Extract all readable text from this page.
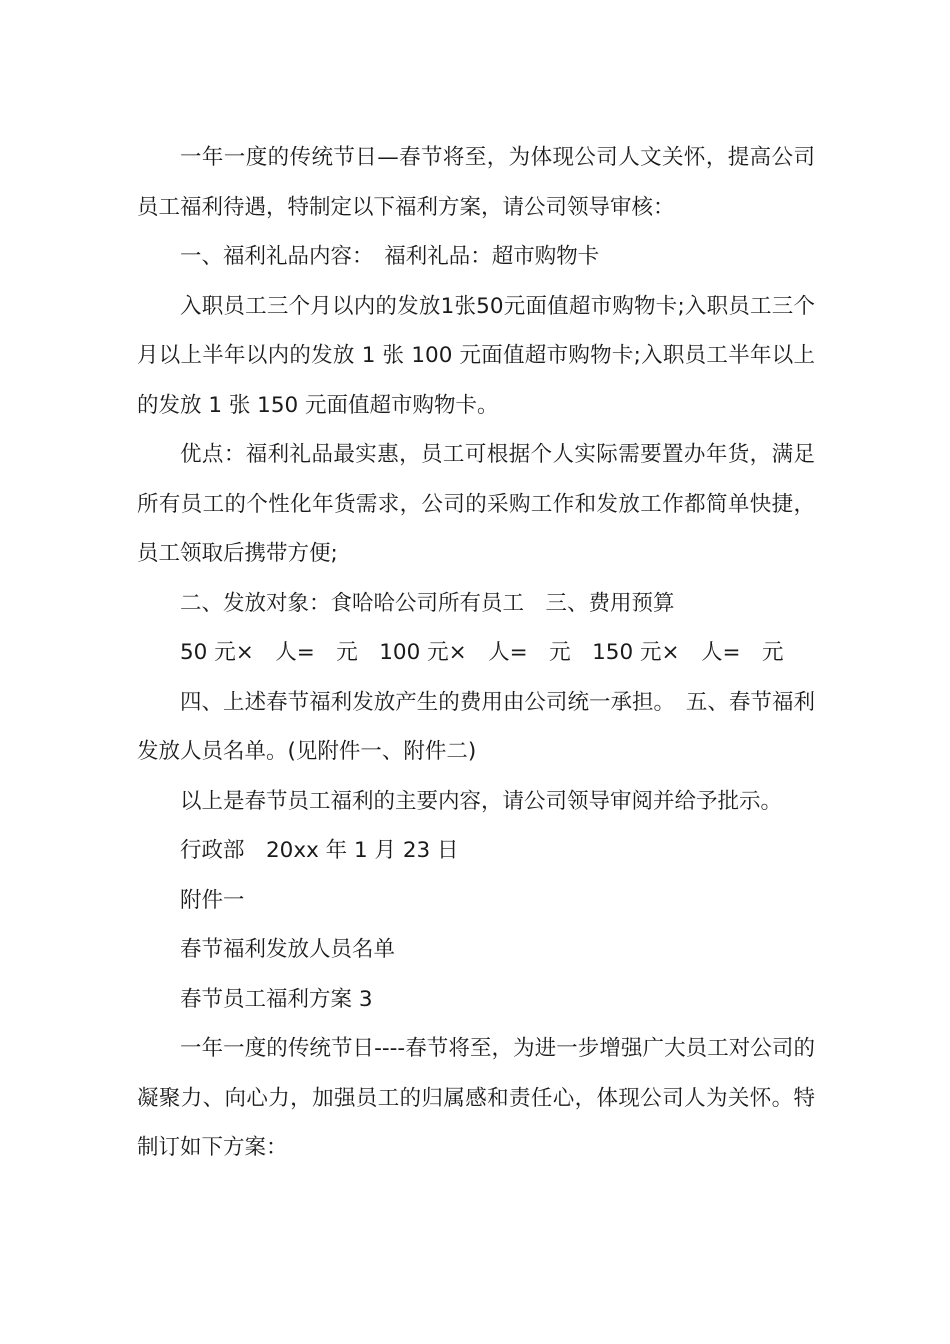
一年一度的传统节日—春节将至，为体现公司人文关怀，提高公司员工福利待遇，特制定以下福利方案，请公司领导审核：

一、福利礼品内容：　福利礼品：超市购物卡

入职员工三个月以内的发放1张50元面值超市购物卡;入职员工三个月以上半年以内的发放 1 张 100 元面值超市购物卡;入职员工半年以上的发放 1 张 150 元面值超市购物卡。

优点：福利礼品最实惠，员工可根据个人实际需要置办年货，满足所有员工的个性化年货需求，公司的采购工作和发放工作都简单快捷，员工领取后携带方便;

二、发放对象：食哈哈公司所有员工　三、费用预算

50 元×　人=　元　100 元×　人=　元　150 元×　人=　元

四、上述春节福利发放产生的费用由公司统一承担。　五、春节福利发放人员名单。(见附件一、附件二)

以上是春节员工福利的主要内容，请公司领导审阅并给予批示。

行政部　20xx 年 1 月 23 日

附件一

春节福利发放人员名单

春节员工福利方案 3

一年一度的传统节日----春节将至，为进一步增强广大员工对公司的凝聚力、向心力，加强员工的归属感和责任心，体现公司人为关怀。特制订如下方案：
